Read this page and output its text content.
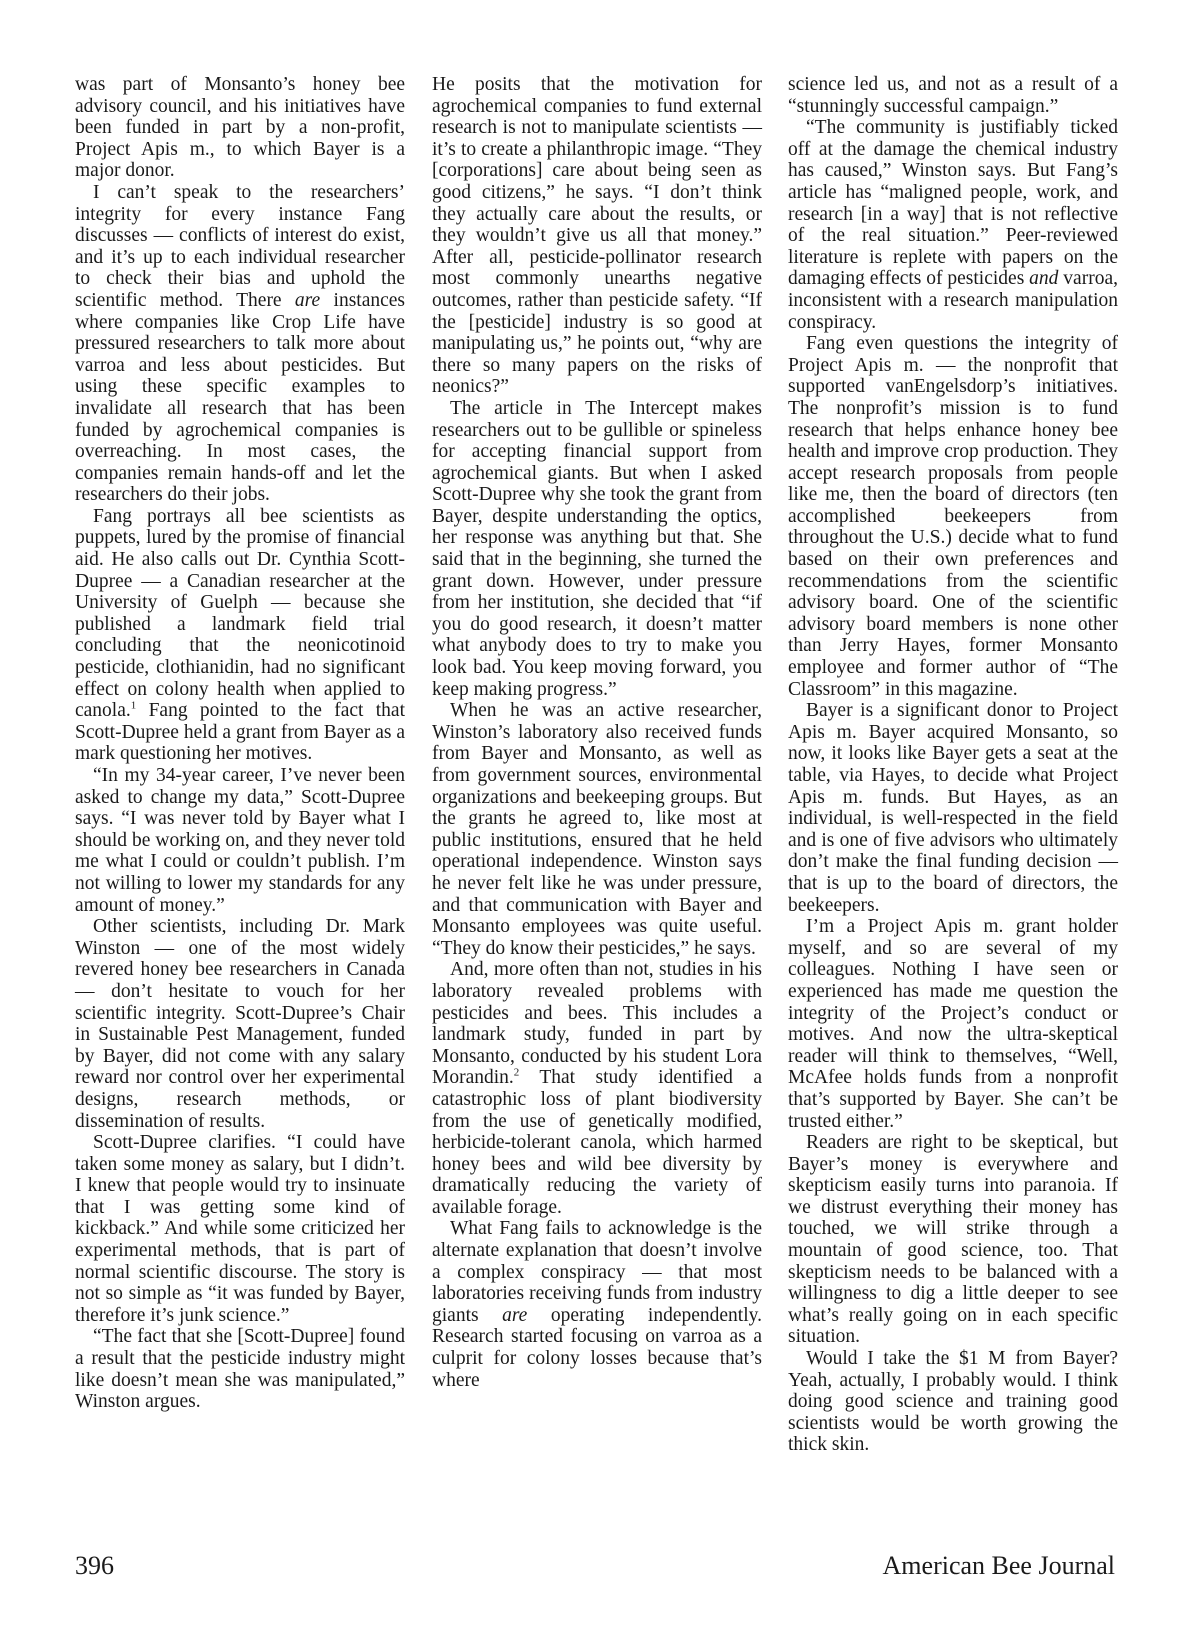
was part of Monsanto’s honey bee advisory council, and his initiatives have been funded in part by a non-profit, Project Apis m., to which Bayer is a major donor.

I can’t speak to the researchers’ integrity for every instance Fang discusses — conflicts of interest do exist, and it’s up to each individual researcher to check their bias and uphold the scientific method. There are instances where companies like Crop Life have pressured researchers to talk more about varroa and less about pesticides. But using these specific examples to invalidate all research that has been funded by agrochemical companies is overreaching. In most cases, the companies remain hands-off and let the researchers do their jobs.

Fang portrays all bee scientists as puppets, lured by the promise of financial aid. He also calls out Dr. Cynthia Scott-Dupree — a Canadian researcher at the University of Guelph — because she published a landmark field trial concluding that the neonicotinoid pesticide, clothianidin, had no significant effect on colony health when applied to canola.$^1$ Fang pointed to the fact that Scott-Dupree held a grant from Bayer as a mark questioning her motives.

“In my 34-year career, I’ve never been asked to change my data,” Scott-Dupree says. “I was never told by Bayer what I should be working on, and they never told me what I could or couldn’t publish. I’m not willing to lower my standards for any amount of money.”

Other scientists, including Dr. Mark Winston — one of the most widely revered honey bee researchers in Canada — don’t hesitate to vouch for her scientific integrity. Scott-Dupree’s Chair in Sustainable Pest Management, funded by Bayer, did not come with any salary reward nor control over her experimental designs, research methods, or dissemination of results.

Scott-Dupree clarifies. “I could have taken some money as salary, but I didn’t. I knew that people would try to insinuate that I was getting some kind of kickback.” And while some criticized her experimental methods, that is part of normal scientific discourse. The story is not so simple as “it was funded by Bayer, therefore it’s junk science.”

“The fact that she [Scott-Dupree] found a result that the pesticide industry might like doesn’t mean she was manipulated,” Winston argues.

He posits that the motivation for agrochemical companies to fund external research is not to manipulate scientists — it’s to create a philanthropic image. “They [corporations] care about being seen as good citizens,” he says. “I don’t think they actually care about the results, or they wouldn’t give us all that money.” After all, pesticide-pollinator research most commonly unearths negative outcomes, rather than pesticide safety. “If the [pesticide] industry is so good at manipulating us,” he points out, “why are there so many papers on the risks of neonics?”

The article in The Intercept makes researchers out to be gullible or spineless for accepting financial support from agrochemical giants. But when I asked Scott-Dupree why she took the grant from Bayer, despite understanding the optics, her response was anything but that. She said that in the beginning, she turned the grant down. However, under pressure from her institution, she decided that “if you do good research, it doesn’t matter what anybody does to try to make you look bad. You keep moving forward, you keep making progress.”

When he was an active researcher, Winston’s laboratory also received funds from Bayer and Monsanto, as well as from government sources, environmental organizations and beekeeping groups. But the grants he agreed to, like most at public institutions, ensured that he held operational independence. Winston says he never felt like he was under pressure, and that communication with Bayer and Monsanto employees was quite useful. “They do know their pesticides,” he says.

And, more often than not, studies in his laboratory revealed problems with pesticides and bees. This includes a landmark study, funded in part by Monsanto, conducted by his student Lora Morandin.$^2$ That study identified a catastrophic loss of plant biodiversity from the use of genetically modified, herbicide-tolerant canola, which harmed honey bees and wild bee diversity by dramatically reducing the variety of available forage.

What Fang fails to acknowledge is the alternate explanation that doesn’t involve a complex conspiracy — that most laboratories receiving funds from industry giants are operating independently. Research started focusing on varroa as a culprit for colony losses because that’s where

science led us, and not as a result of a “stunningly successful campaign.”

“The community is justifiably ticked off at the damage the chemical industry has caused,” Winston says. But Fang’s article has “maligned people, work, and research [in a way] that is not reflective of the real situation.” Peer-reviewed literature is replete with papers on the damaging effects of pesticides and varroa, inconsistent with a research manipulation conspiracy.

Fang even questions the integrity of Project Apis m. — the nonprofit that supported vanEngelsdorp’s initiatives. The nonprofit’s mission is to fund research that helps enhance honey bee health and improve crop production. They accept research proposals from people like me, then the board of directors (ten accomplished beekeepers from throughout the U.S.) decide what to fund based on their own preferences and recommendations from the scientific advisory board. One of the scientific advisory board members is none other than Jerry Hayes, former Monsanto employee and former author of “The Classroom” in this magazine.

Bayer is a significant donor to Project Apis m. Bayer acquired Monsanto, so now, it looks like Bayer gets a seat at the table, via Hayes, to decide what Project Apis m. funds. But Hayes, as an individual, is well-respected in the field and is one of five advisors who ultimately don’t make the final funding decision — that is up to the board of directors, the beekeepers.

I’m a Project Apis m. grant holder myself, and so are several of my colleagues. Nothing I have seen or experienced has made me question the integrity of the Project’s conduct or motives. And now the ultra-skeptical reader will think to themselves, “Well, McAfee holds funds from a nonprofit that’s supported by Bayer. She can’t be trusted either.”

Readers are right to be skeptical, but Bayer’s money is everywhere and skepticism easily turns into paranoia. If we distrust everything their money has touched, we will strike through a mountain of good science, too. That skepticism needs to be balanced with a willingness to dig a little deeper to see what’s really going on in each specific situation.

Would I take the $1 M from Bayer? Yeah, actually, I probably would. I think doing good science and training good scientists would be worth growing the thick skin.

396	American Bee Journal
